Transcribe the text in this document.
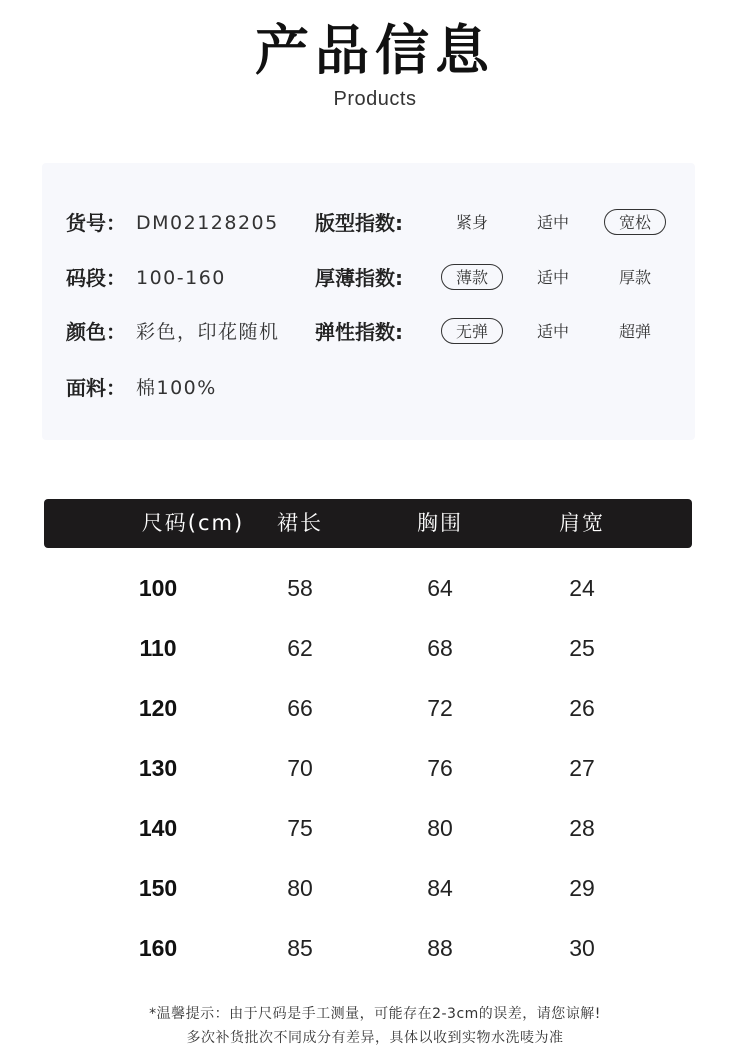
产品信息
Products
货号： DM02128205 版型指数:	紧身	适中	宽松
码段： 100-160	厚薄指数:	薄款	适中	厚款
颜色： 彩色，印花随机 弹性指数:	无弹	适中	超弹
面料： 棉100%
尺码(cm)	裙长	胸围	肩宽
100	58	64	24
110	62	68	25
120	66	72	26
130	70	76	27
140	75	80	28
150	80	84	29
160	85	88	30
*温馨提示：由于尺码是手工测量，可能存在2-3cm的误差，请您谅解!
多次补货批次不同成分有差异，具体以收到实物水洗唛为准
